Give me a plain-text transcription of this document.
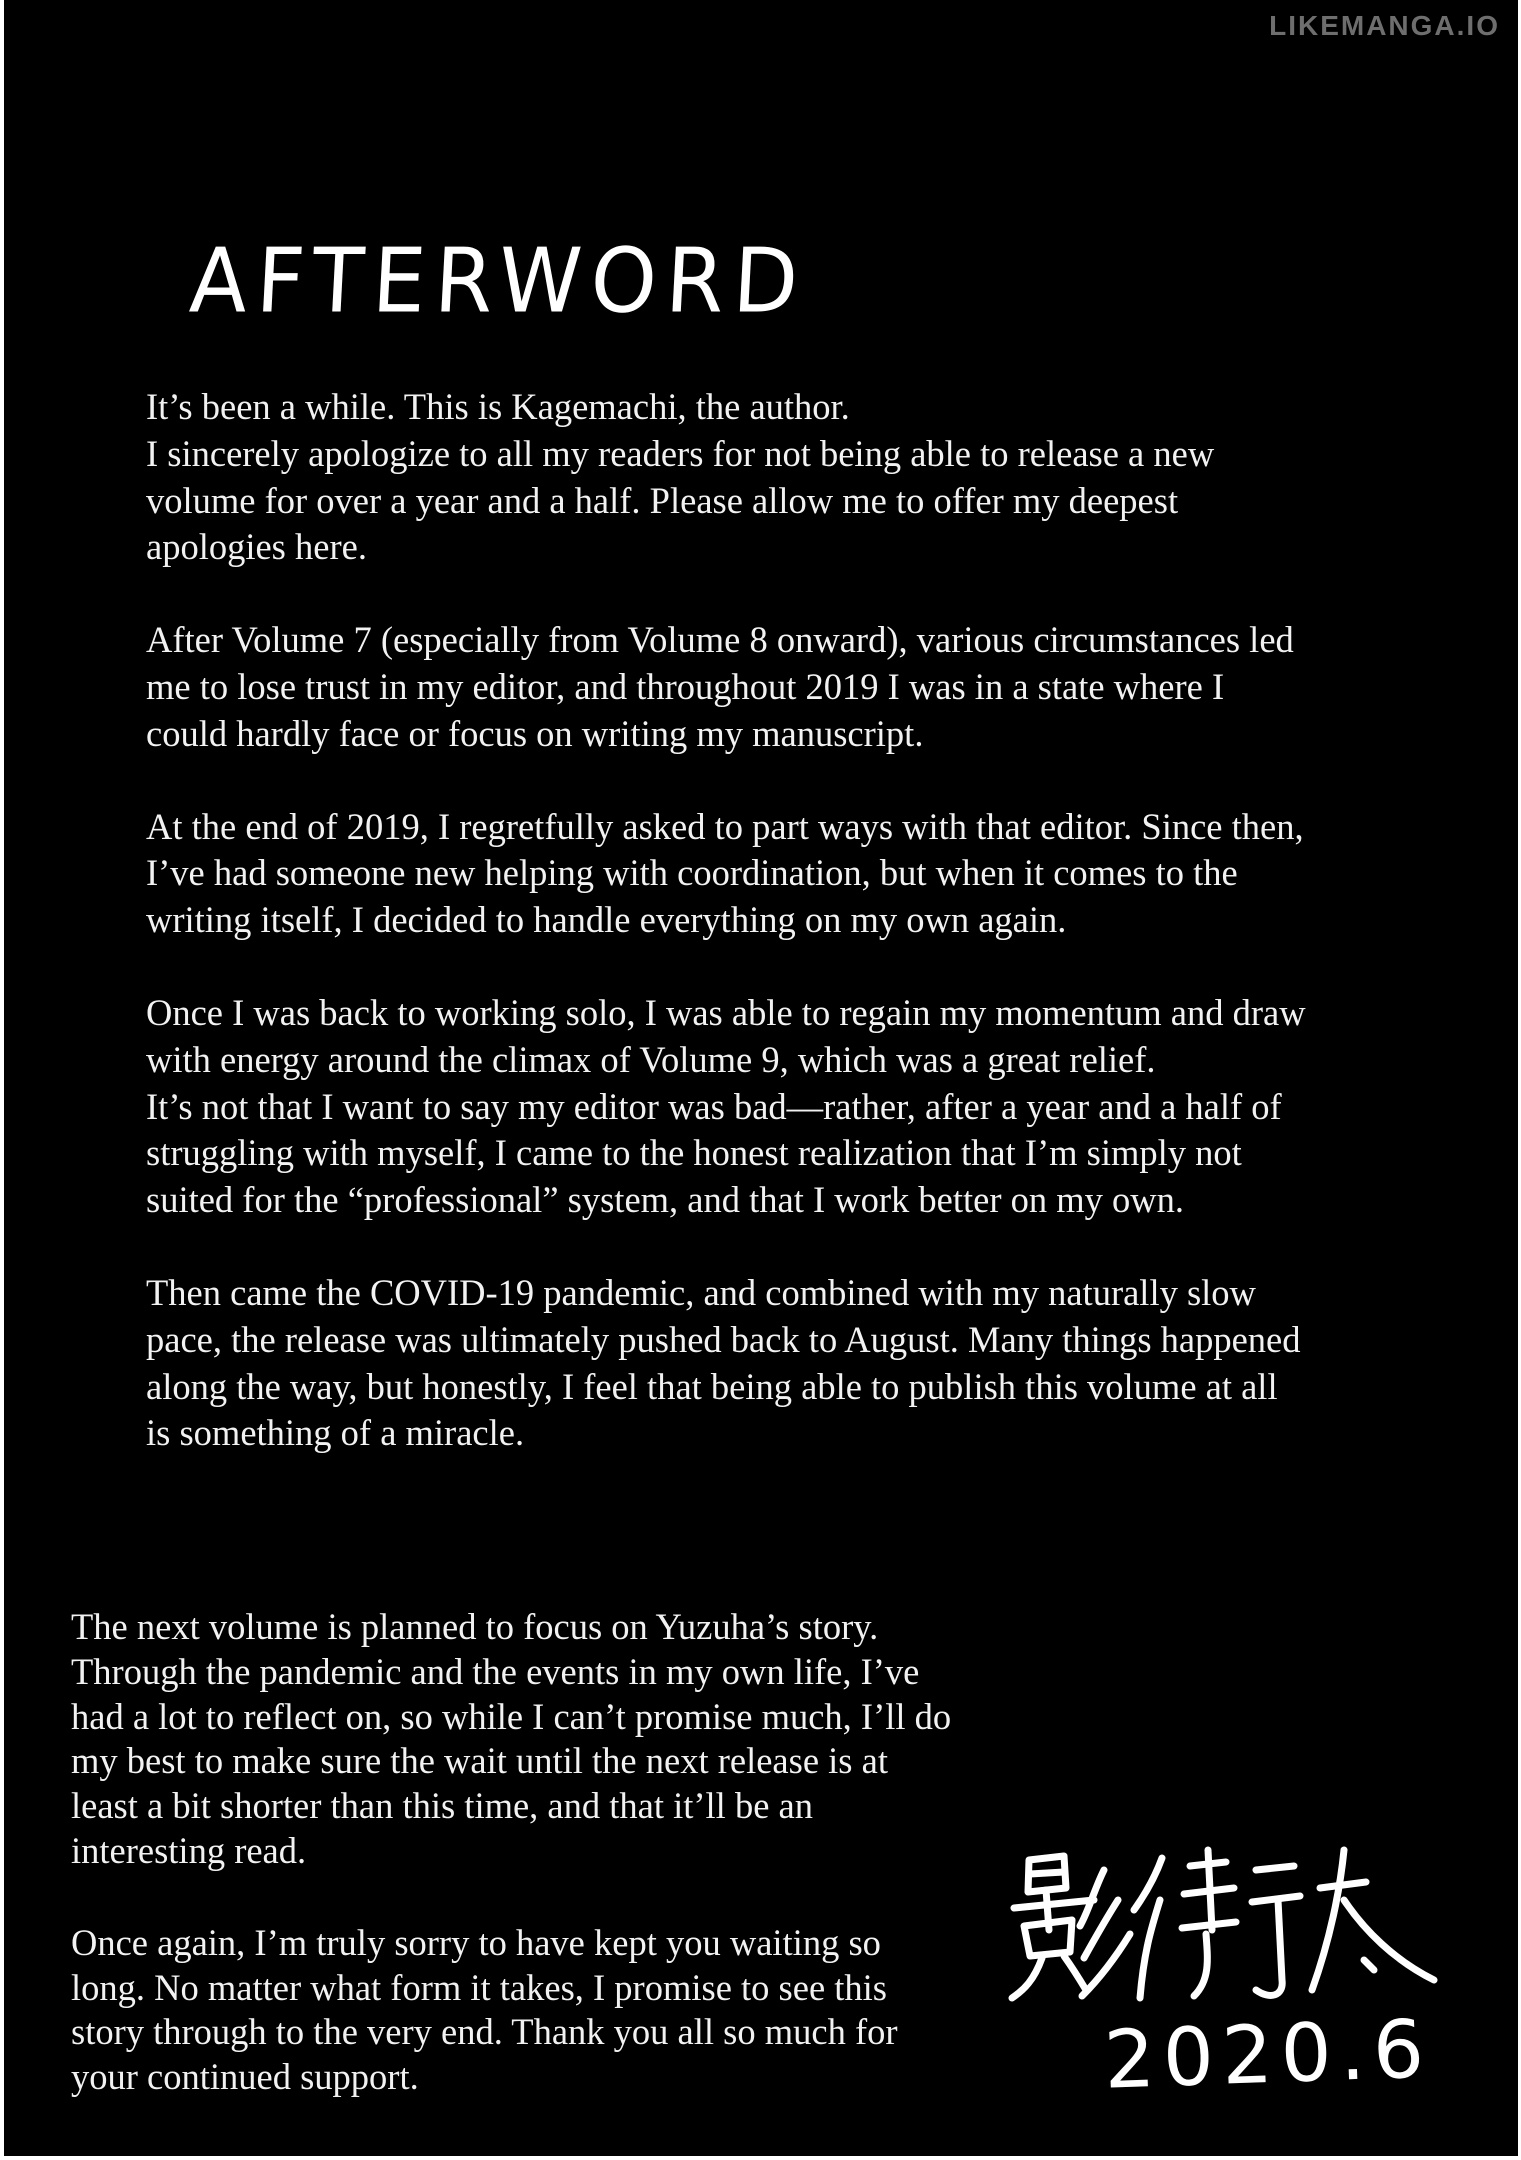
LIKEMANGA.IO
AFTERWORD

It’s been a while. This is Kagemachi, the author.
I sincerely apologize to all my readers for not being able to release a new
volume for over a year and a half. Please allow me to offer my deepest
apologies here.

After Volume 7 (especially from Volume 8 onward), various circumstances led
me to lose trust in my editor, and throughout 2019 I was in a state where I
could hardly face or focus on writing my manuscript.

At the end of 2019, I regretfully asked to part ways with that editor. Since then,
I’ve had someone new helping with coordination, but when it comes to the
writing itself, I decided to handle everything on my own again.

Once I was back to working solo, I was able to regain my momentum and draw
with energy around the climax of Volume 9, which was a great relief.
It’s not that I want to say my editor was bad—rather, after a year and a half of
struggling with myself, I came to the honest realization that I’m simply not
suited for the “professional” system, and that I work better on my own.

Then came the COVID-19 pandemic, and combined with my naturally slow
pace, the release was ultimately pushed back to August. Many things happened
along the way, but honestly, I feel that being able to publish this volume at all
is something of a miracle.

The next volume is planned to focus on Yuzuha’s story.
Through the pandemic and the events in my own life, I’ve
had a lot to reflect on, so while I can’t promise much, I’ll do
my best to make sure the wait until the next release is at
least a bit shorter than this time, and that it’ll be an
interesting read.

Once again, I’m truly sorry to have kept you waiting so
long. No matter what form it takes, I promise to see this
story through to the very end. Thank you all so much for
your continued support.	2020.6
